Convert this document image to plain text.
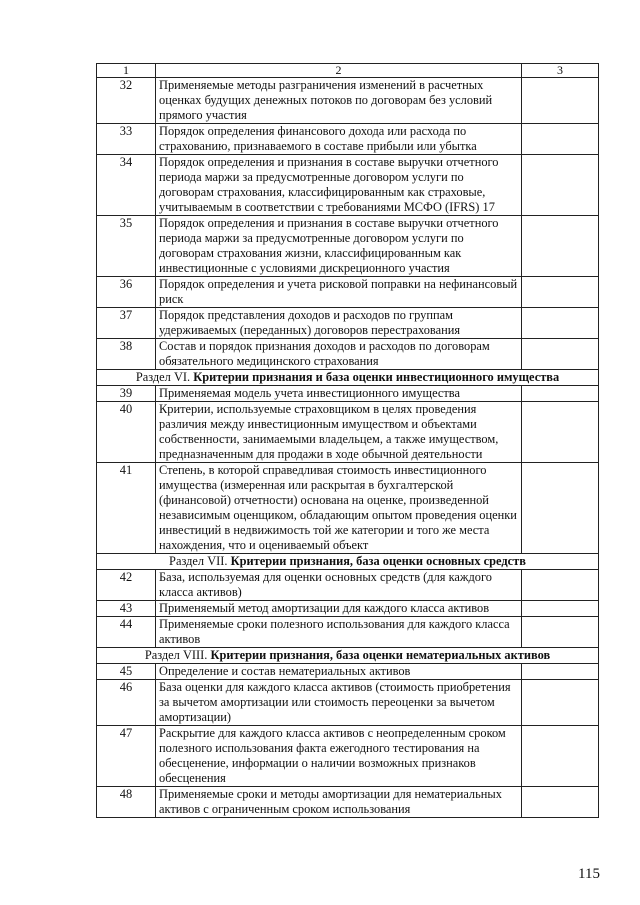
1	2	3
32	Применяемые методы разграничения изменений в расчетных оценках будущих денежных потоков по договорам без условий прямого участия	
33	Порядок определения финансового дохода или расхода по страхованию, признаваемого в составе прибыли или убытка	
34	Порядок определения и признания в составе выручки отчетного периода маржи за предусмотренные договором услуги по договорам страхования, классифицированным как страховые, учитываемым в соответствии с требованиями МСФО (IFRS) 17	
35	Порядок определения и признания в составе выручки отчетного периода маржи за предусмотренные договором услуги по договорам страхования жизни, классифицированным как инвестиционные с условиями дискреционного участия	
36	Порядок определения и учета рисковой поправки на нефинансовый риск	
37	Порядок представления доходов и расходов по группам удерживаемых (переданных) договоров перестрахования	
38	Состав и порядок признания доходов и расходов по договорам обязательного медицинского страхования	
Раздел VI. Критерии признания и база оценки инвестиционного имущества		
39	Применяемая модель учета инвестиционного имущества	
40	Критерии, используемые страховщиком в целях проведения различия между инвестиционным имуществом и объектами собственности, занимаемыми владельцем, а также имуществом, предназначенным для продажи в ходе обычной деятельности	
41	Степень, в которой справедливая стоимость инвестиционного имущества (измеренная или раскрытая в бухгалтерской (финансовой) отчетности) основана на оценке, произведенной независимым оценщиком, обладающим опытом проведения оценки инвестиций в недвижимость той же категории и того же места нахождения, что и оцениваемый объект	
Раздел VII. Критерии признания, база оценки основных средств		
42	База, используемая для оценки основных средств (для каждого класса активов)	
43	Применяемый метод амортизации для каждого класса активов	
44	Применяемые сроки полезного использования для каждого класса активов	
Раздел VIII. Критерии признания, база оценки нематериальных активов		
45	Определение и состав нематериальных активов	
46	База оценки для каждого класса активов (стоимость приобретения за вычетом амортизации или стоимость переоценки за вычетом амортизации)	
47	Раскрытие для каждого класса активов с неопределенным сроком полезного использования факта ежегодного тестирования на обесценение, информации о наличии возможных признаков обесценения	
48	Применяемые сроки и методы амортизации для нематериальных активов с ограниченным сроком использования	
115
